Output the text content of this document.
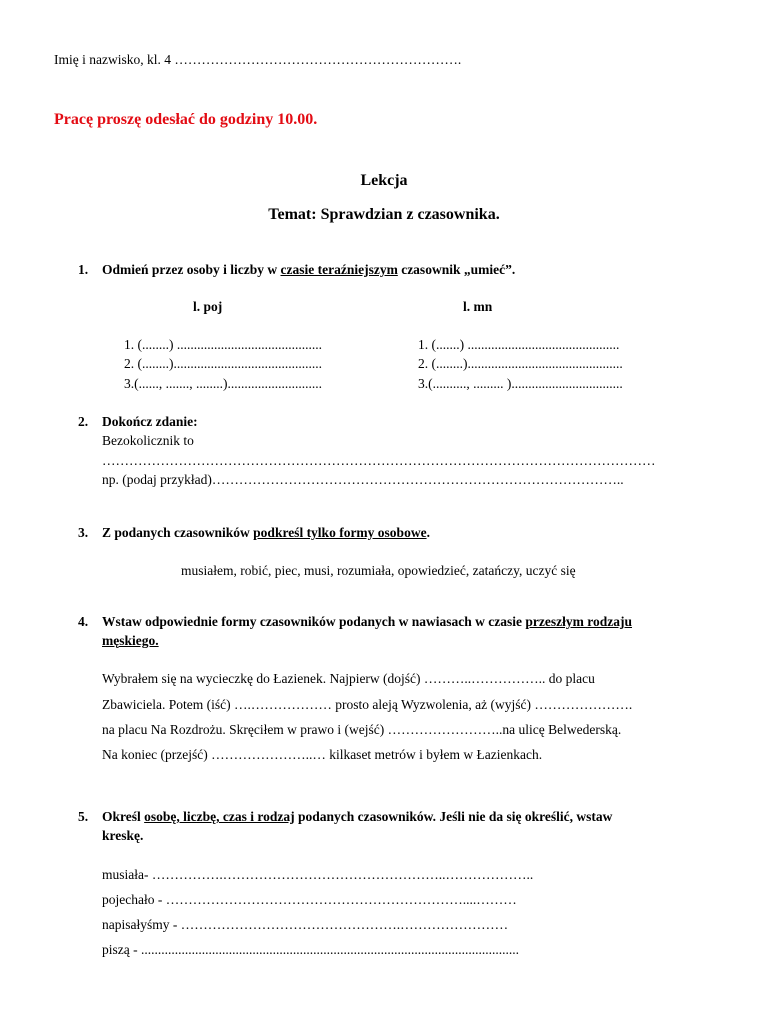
Imię i nazwisko, kl. 4 ……………………………………………………….
Pracę proszę odesłać do godziny 10.00.
Lekcja
Temat: Sprawdzian z czasownika.
1. Odmień przez osoby i liczby w czasie teraźniejszym czasownik „umieć”.
l. poj	l. mn
1. (........) ...........................................
2. (........)............................................
3.(......, ......., ........)............................
1. (.......) .............................................
2. (........)..............................................
3.(.........., ......... ).................................
2. Dokończ zdanie:
Bezokolicznik to
……………………………………………………………………………………………………………
np. (podaj przykład)………………………………………………………………………………..
3. Z podanych czasowników podkreśl tylko formy osobowe.
musiałem, robić, piec, musi, rozumiała, opowiedzieć, zatańczy, uczyć się
4. Wstaw odpowiednie formy czasowników podanych w nawiasach w czasie przeszłym rodzaju
męskiego.
Wybrałem się na wycieczkę do Łazienek. Najpierw (dojść) ………..…………….. do placu
Zbawiciela. Potem (iść) ….……………… prosto aleją Wyzwolenia, aż (wyjść) ………………….
na placu Na Rozdrożu. Skręciłem w prawo i (wejść) ……………………..na ulicę Belwederską.
Na koniec (przejść) …………………..… kilkaset metrów i byłem w Łazienkach.
5. Określ osobę, liczbę, czas i rodzaj podanych czasowników. Jeśli nie da się określić, wstaw
kreskę.
musiała- …………….…………………………………………..………………..
pojechało - …………………………………………………………....………
napisałyśmy - ………………………………………….……………………
piszą - ................................................................................................................
